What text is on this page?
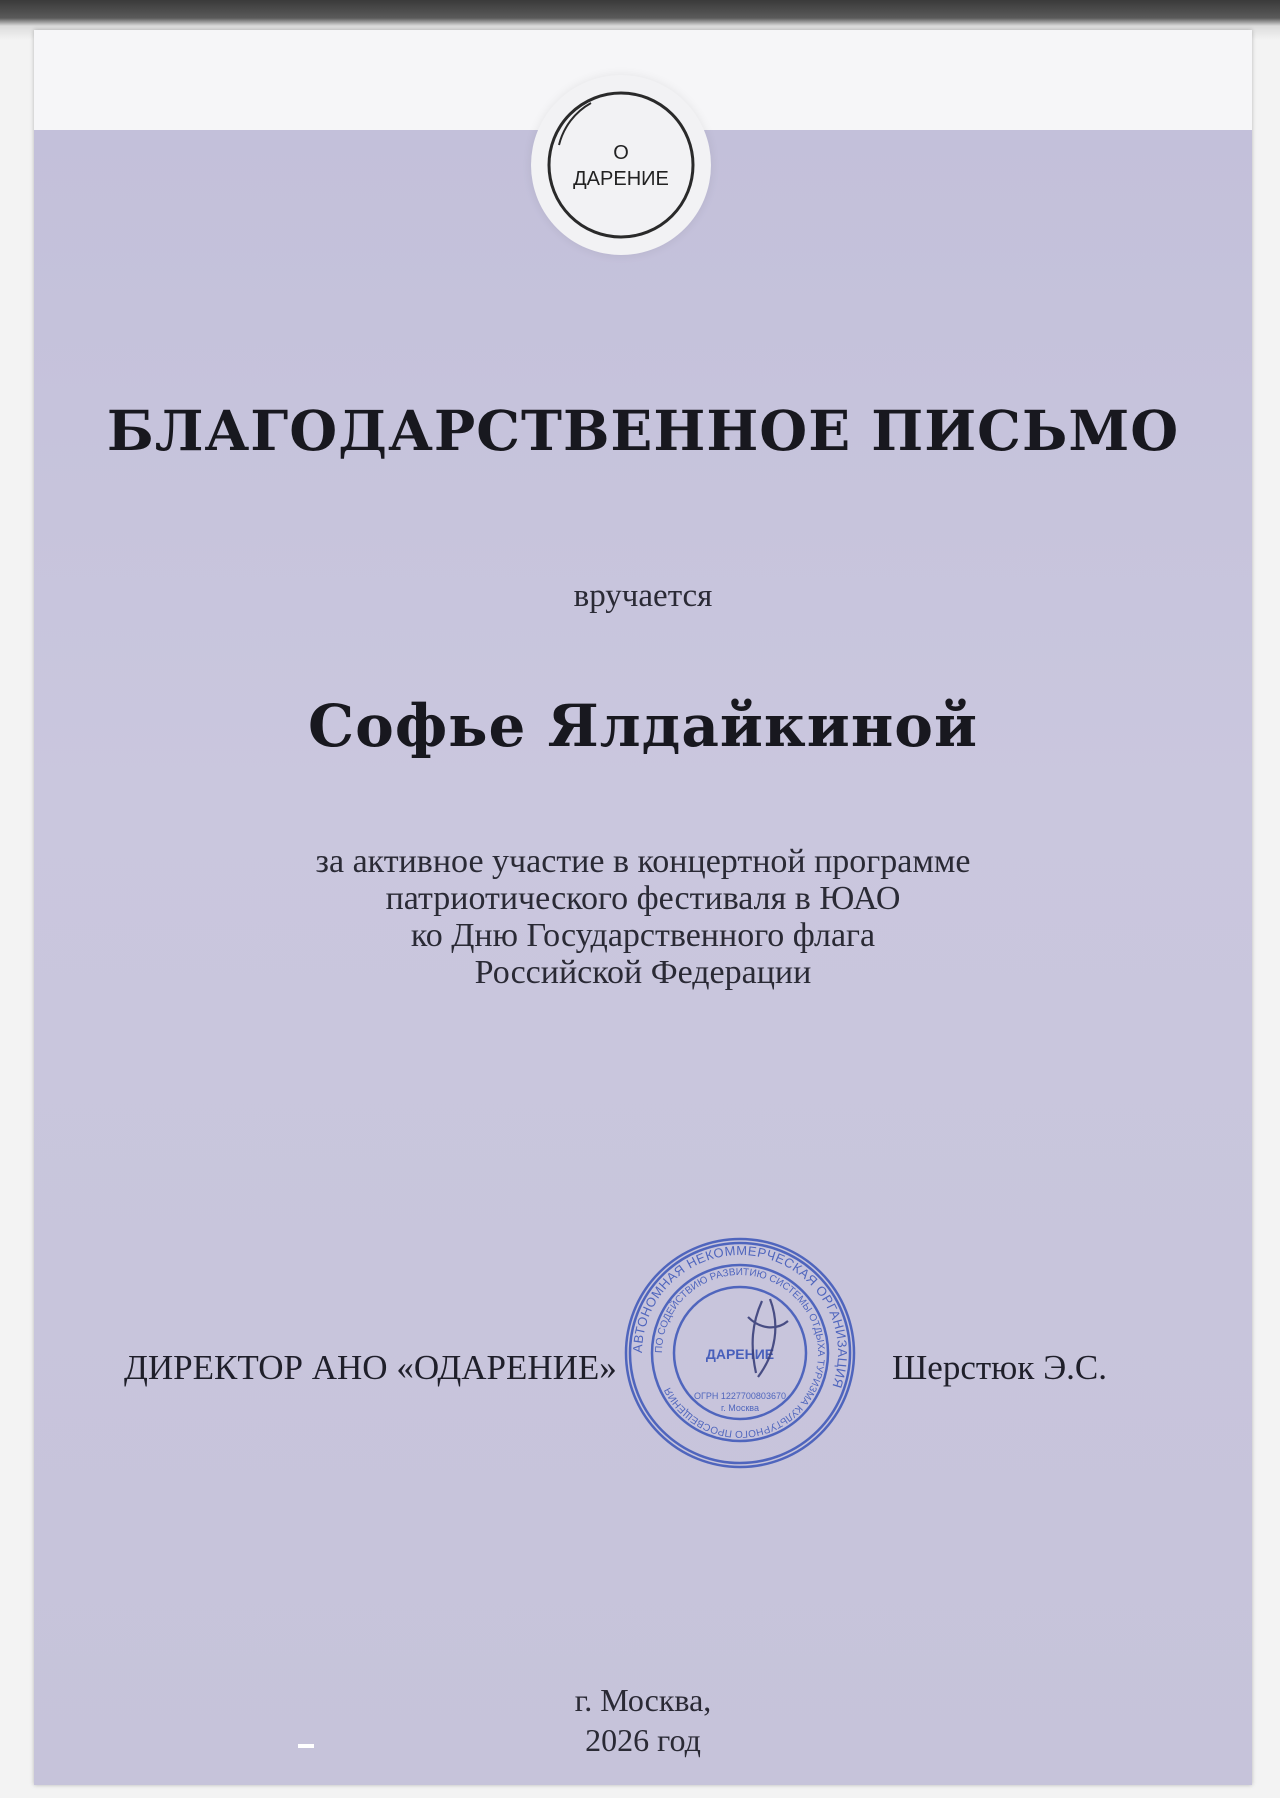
О
ДАРЕНИЕ
БЛАГОДАРСТВЕННОЕ ПИСЬМО
вручается
Софье Ялдайкиной
за активное участие в концертной программе
патриотического фестиваля в ЮАО
ко Дню Государственного флага
Российской Федерации
ДИРЕКТОР АНО «ОДАРЕНИЕ»	Шерстюк Э.С.
АВТОНОМНАЯ НЕКОММЕРЧЕСКАЯ ОРГАНИЗАЦИЯ
ПО СОДЕЙСТВИЮ РАЗВИТИЮ СИСТЕМЫ ОТДЫХА ТУРИЗМА КУЛЬТУРНОГО ПРОСВЕЩЕНИЯ
ДАРЕНИЕ
ОГРН 1227700803670
г. Москва
г. Москва,
2026 год
